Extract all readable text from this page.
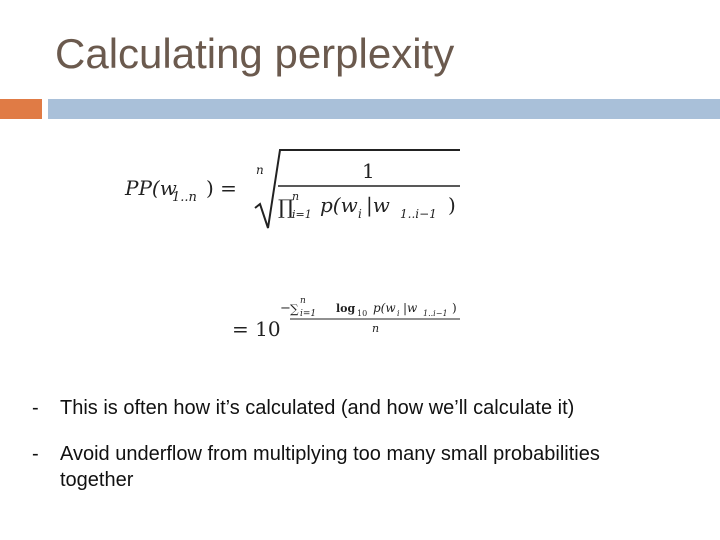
Calculating perplexity
PP(w
1..n ) =
n	1
∏
n
i=1 p(w i |w 1..i−1 )
= 10
− ∑
n
i=1 log 10 p(w i |w 1..i−1 )
n
-	This is often how it’s calculated (and how we’ll calculate it)
-	Avoid underflow from multiplying too many small probabilities together
